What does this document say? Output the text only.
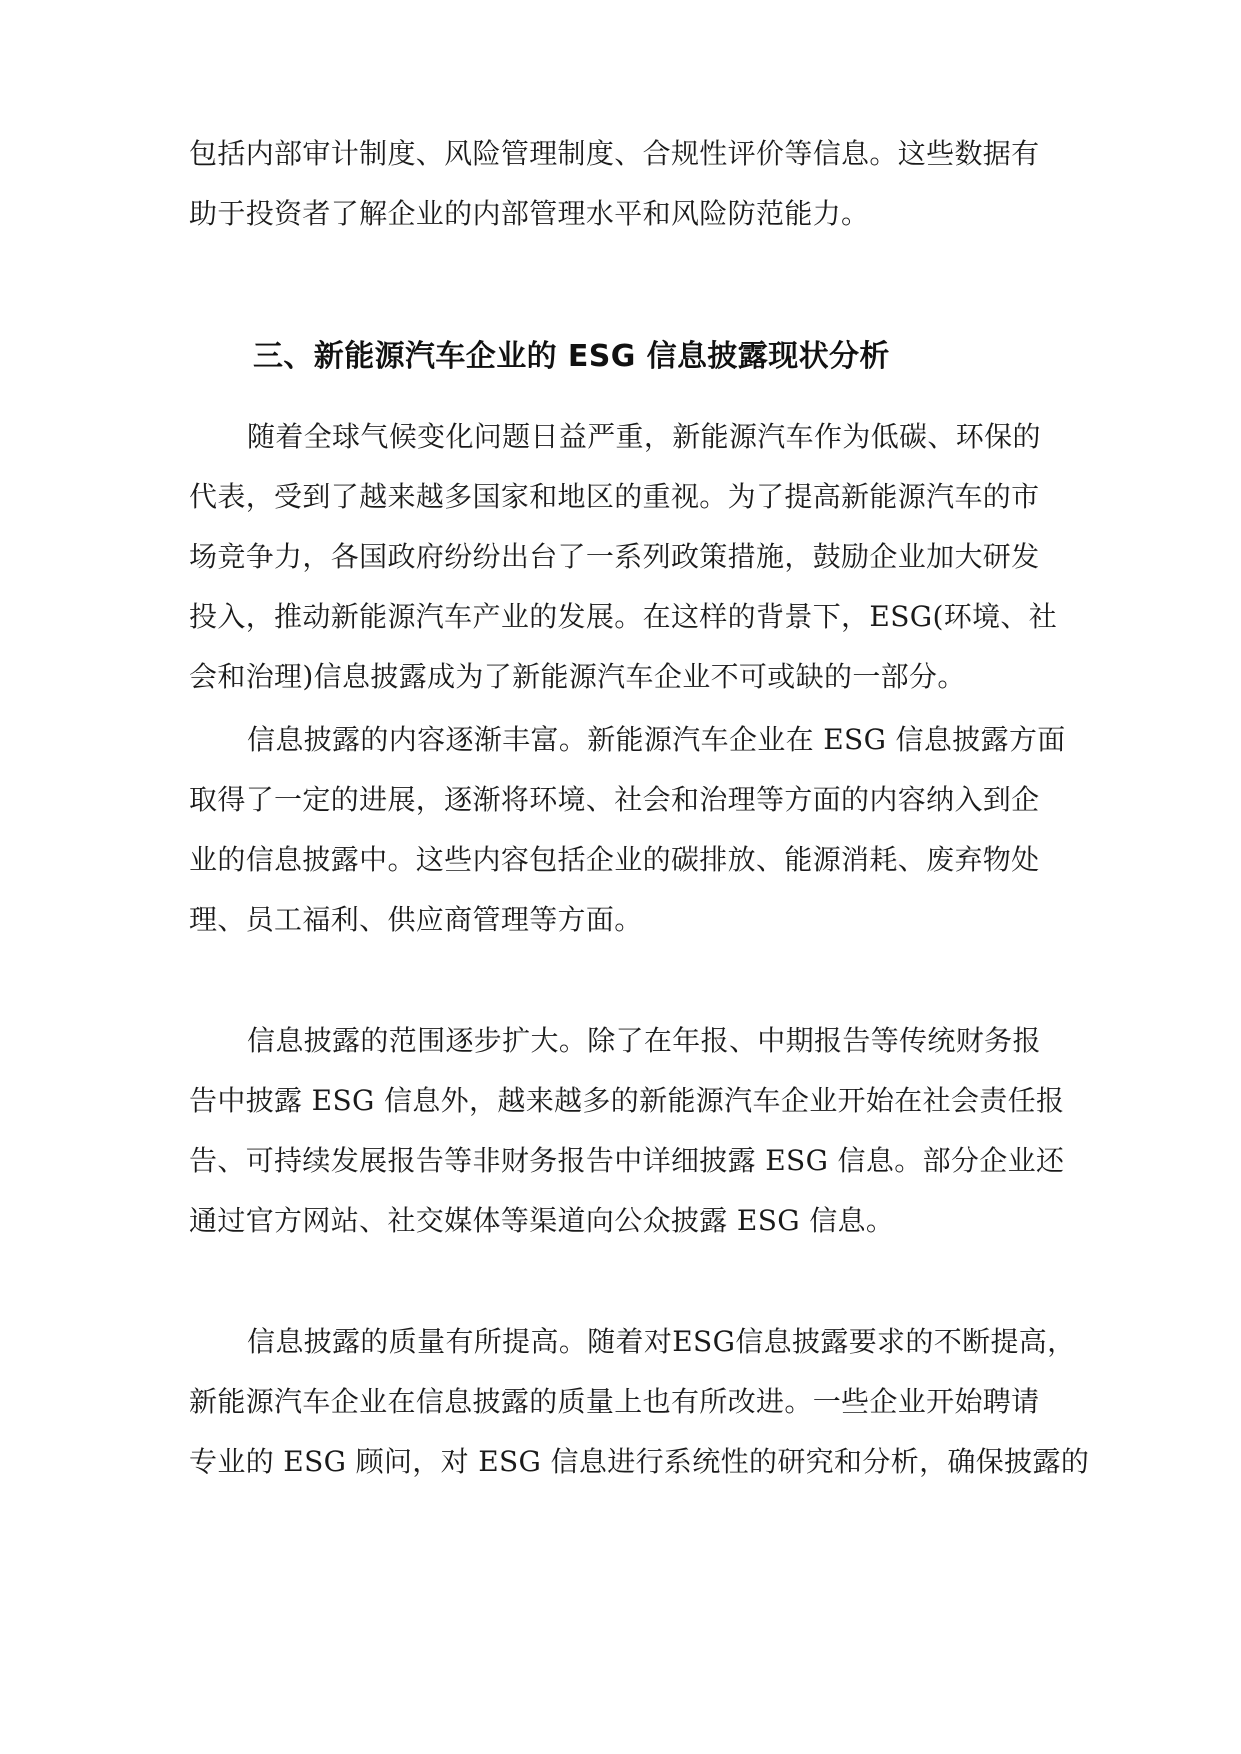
包括内部审计制度、风险管理制度、合规性评价等信息。这些数据有
助于投资者了解企业的内部管理水平和风险防范能力。
三、新能源汽车企业的 ESG 信息披露现状分析
随着全球气候变化问题日益严重，新能源汽车作为低碳、环保的
代表，受到了越来越多国家和地区的重视。为了提高新能源汽车的市
场竞争力，各国政府纷纷出台了一系列政策措施，鼓励企业加大研发
投入，推动新能源汽车产业的发展。在这样的背景下，ESG(环境、社
会和治理)信息披露成为了新能源汽车企业不可或缺的一部分。
信息披露的内容逐渐丰富。新能源汽车企业在 ESG 信息披露方面
取得了一定的进展，逐渐将环境、社会和治理等方面的内容纳入到企
业的信息披露中。这些内容包括企业的碳排放、能源消耗、废弃物处
理、员工福利、供应商管理等方面。
信息披露的范围逐步扩大。除了在年报、中期报告等传统财务报
告中披露 ESG 信息外，越来越多的新能源汽车企业开始在社会责任报
告、可持续发展报告等非财务报告中详细披露 ESG 信息。部分企业还
通过官方网站、社交媒体等渠道向公众披露 ESG 信息。
信息披露的质量有所提高。随着对ESG信息披露要求的不断提高，
新能源汽车企业在信息披露的质量上也有所改进。一些企业开始聘请
专业的 ESG 顾问，对 ESG 信息进行系统性的研究和分析，确保披露的
